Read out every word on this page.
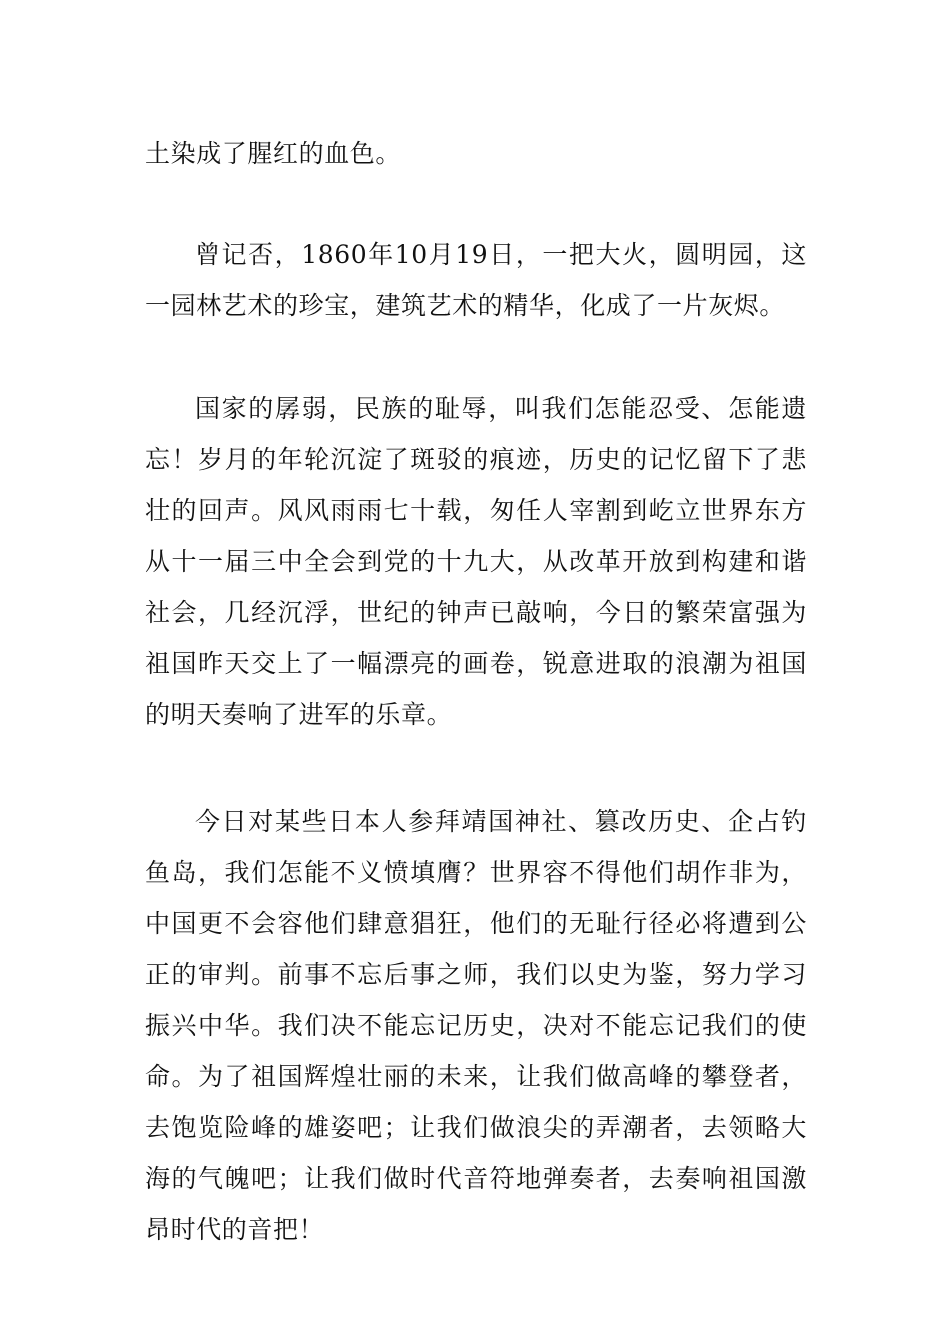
土染成了腥红的血色。

曾记否，1860年10月19日，一把大火，圆明园，这一园林艺术的珍宝，建筑艺术的精华，化成了一片灰烬。

国家的孱弱，民族的耻辱，叫我们怎能忍受、怎能遗忘！岁月的年轮沉淀了斑驳的痕迹，历史的记忆留下了悲壮的回声。风风雨雨七十载，匆任人宰割到屹立世界东方从十一届三中全会到党的十九大，从改革开放到构建和谐社会，几经沉浮，世纪的钟声已敲响，今日的繁荣富强为祖国昨天交上了一幅漂亮的画卷，锐意进取的浪潮为祖国的明天奏响了进军的乐章。

今日对某些日本人参拜靖国神社、篡改历史、企占钓鱼岛，我们怎能不义愤填膺？世界容不得他们胡作非为，中国更不会容他们肆意猖狂，他们的无耻行径必将遭到公正的审判。前事不忘后事之师，我们以史为鉴，努力学习振兴中华。我们决不能忘记历史，决对不能忘记我们的使命。为了祖国辉煌壮丽的未来，让我们做高峰的攀登者，去饱览险峰的雄姿吧；让我们做浪尖的弄潮者，去领略大海的气魄吧；让我们做时代音符地弹奏者，去奏响祖国激昂时代的音把！
